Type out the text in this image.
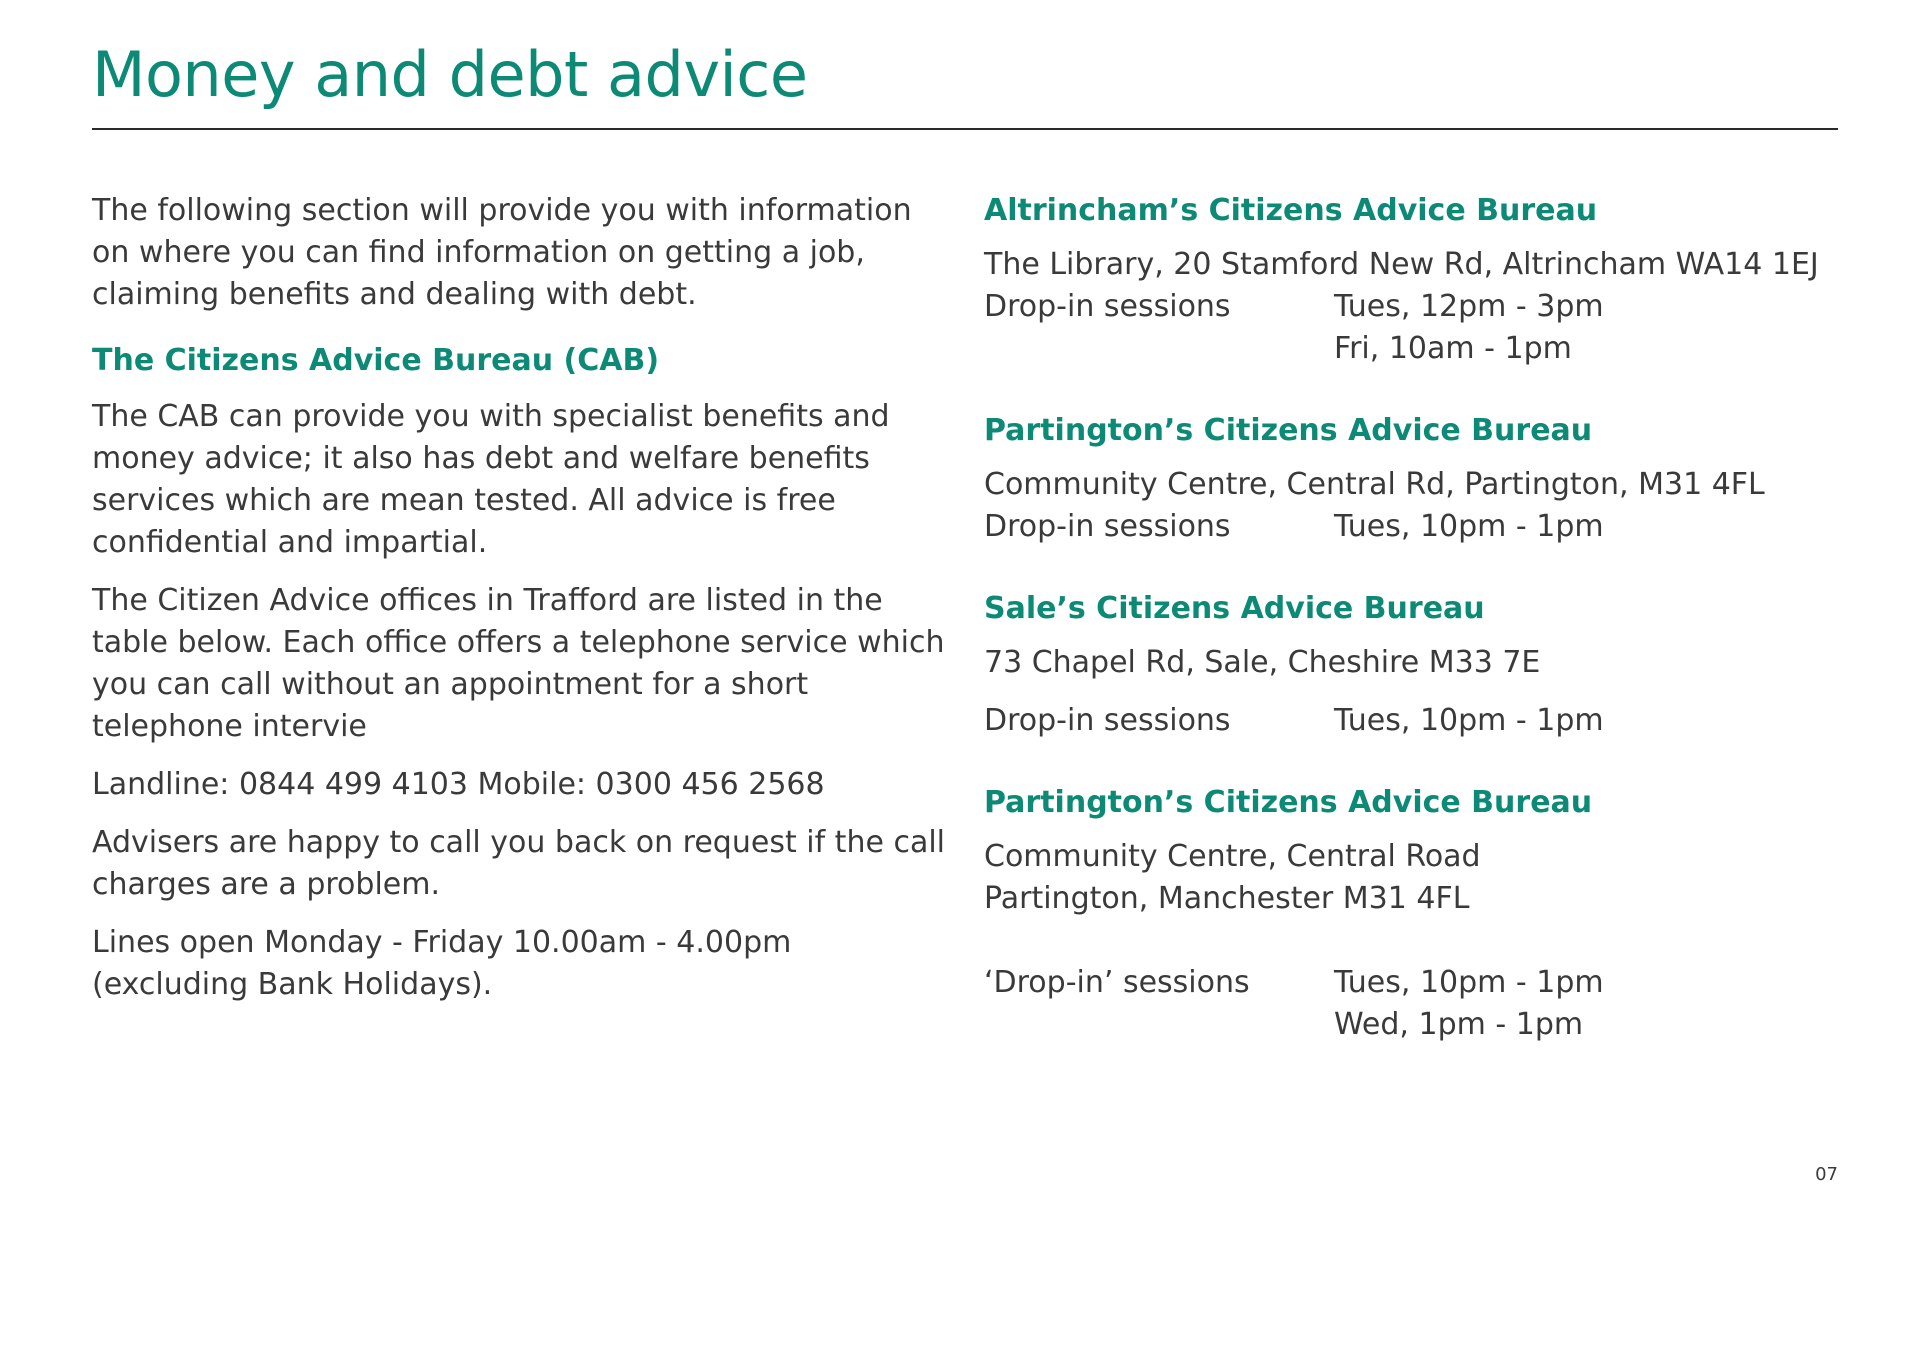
Money and debt advice

The following section will provide you with information on where you can find information on getting a job, claiming benefits and dealing with debt.

The Citizens Advice Bureau (CAB)

The CAB can provide you with specialist benefits and money advice; it also has debt and welfare benefits services which are mean tested. All advice is free confidential and impartial.

The Citizen Advice offices in Trafford are listed in the table below. Each office offers a telephone service which you can call without an appointment for a short telephone intervie

Landline: 0844 499 4103 Mobile: 0300 456 2568

Advisers are happy to call you back on request if the call charges are a problem.

Lines open Monday - Friday 10.00am - 4.00pm (excluding Bank Holidays).

Altrincham’s Citizens Advice Bureau
The Library, 20 Stamford New Rd, Altrincham WA14 1EJ
Drop-in sessions	Tues, 12pm - 3pm
Fri, 10am - 1pm
Partington’s Citizens Advice Bureau
Community Centre, Central Rd, Partington, M31 4FL
Drop-in sessions	Tues, 10pm - 1pm
Sale’s Citizens Advice Bureau
73 Chapel Rd, Sale, Cheshire M33 7E
Drop-in sessions	Tues, 10pm - 1pm
Partington’s Citizens Advice Bureau
Community Centre, Central Road
Partington, Manchester M31 4FL
‘Drop-in’ sessions	Tues, 10pm - 1pm
Wed, 1pm - 1pm
07
